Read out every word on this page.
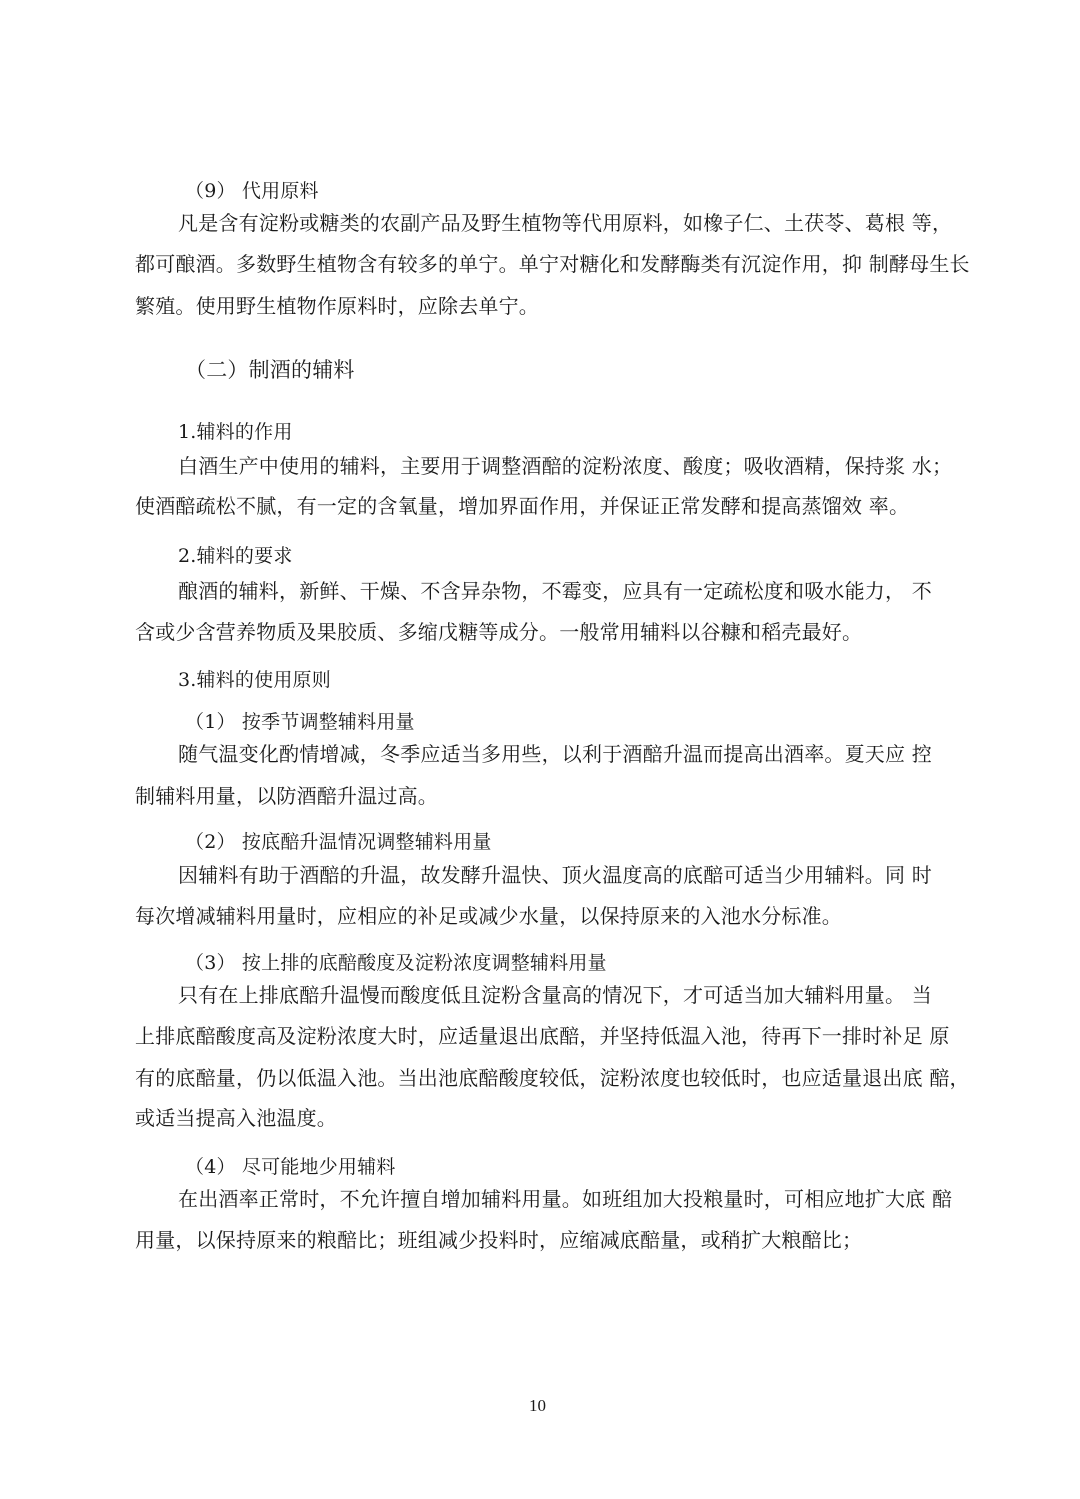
（9） 代用原料
凡是含有淀粉或糖类的农副产品及野生植物等代用原料，如橡子仁、土茯苓、葛根 等，
都可酿酒。多数野生植物含有较多的单宁。单宁对糖化和发酵酶类有沉淀作用，抑 制酵母生长
繁殖。使用野生植物作原料时，应除去单宁。
（二）制酒的辅料
1.辅料的作用
白酒生产中使用的辅料，主要用于调整酒醅的淀粉浓度、酸度；吸收酒精，保持浆 水；
使酒醅疏松不腻，有一定的含氧量，增加界面作用，并保证正常发酵和提高蒸馏效 率。
2.辅料的要求
酿酒的辅料，新鲜、干燥、不含异杂物，不霉变，应具有一定疏松度和吸水能力， 不
含或少含营养物质及果胶质、多缩戊糖等成分。一般常用辅料以谷糠和稻壳最好。
3.辅料的使用原则
（1） 按季节调整辅料用量
随气温变化酌情增减，冬季应适当多用些，以利于酒醅升温而提高出酒率。夏天应 控
制辅料用量，以防酒醅升温过高。
（2） 按底醅升温情况调整辅料用量
因辅料有助于酒醅的升温，故发酵升温快、顶火温度高的底醅可适当少用辅料。同 时
每次增减辅料用量时，应相应的补足或减少水量，以保持原来的入池水分标准。
（3） 按上排的底醅酸度及淀粉浓度调整辅料用量
只有在上排底醅升温慢而酸度低且淀粉含量高的情况下，才可适当加大辅料用量。 当
上排底醅酸度高及淀粉浓度大时，应适量退出底醅，并坚持低温入池，待再下一排时补足 原
有的底醅量，仍以低温入池。当出池底醅酸度较低，淀粉浓度也较低时，也应适量退出底 醅，
或适当提高入池温度。
（4） 尽可能地少用辅料
在出酒率正常时，不允许擅自增加辅料用量。如班组加大投粮量时，可相应地扩大底 醅
用量，以保持原来的粮醅比；班组减少投料时，应缩减底醅量，或稍扩大粮醅比；
10
